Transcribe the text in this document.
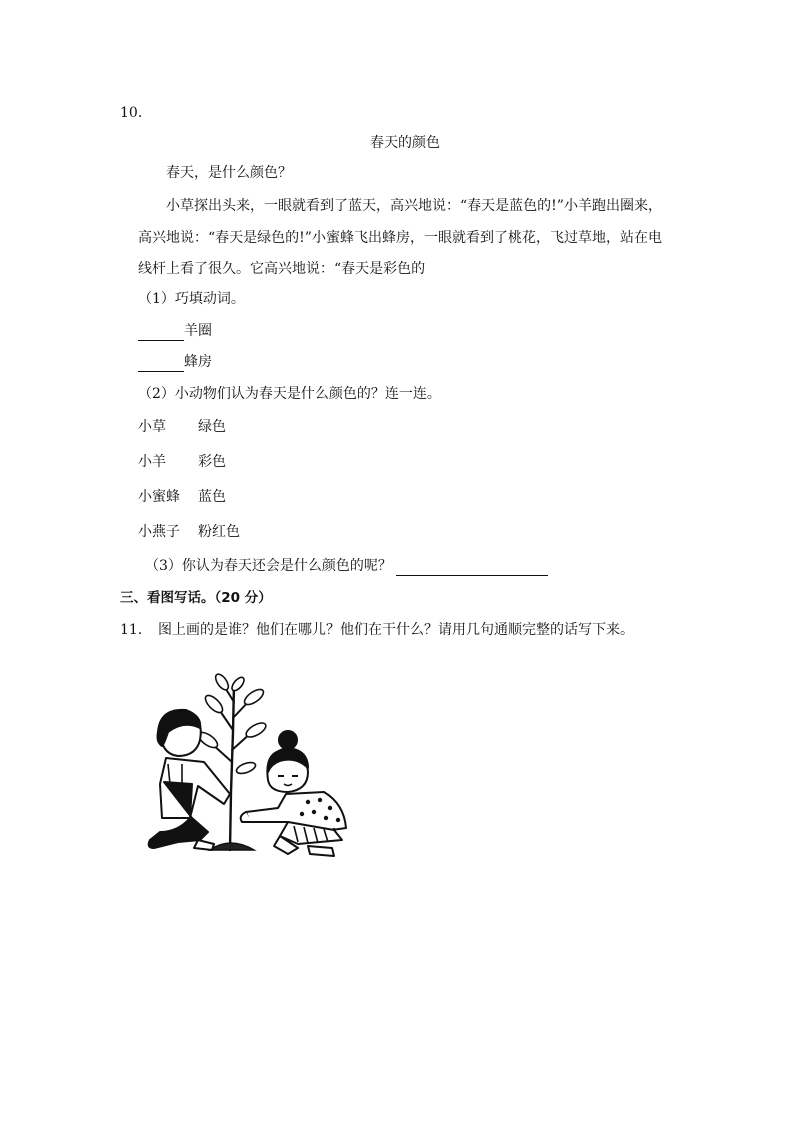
10．
春天的颜色
春天，是什么颜色？
小草探出头来，一眼就看到了蓝天，高兴地说：“春天是蓝色的!”小羊跑出圈来，
高兴地说：“春天是绿色的!”小蜜蜂飞出蜂房，一眼就看到了桃花，飞过草地，站在电
线杆上看了很久。它高兴地说：“春天是彩色的
（1）巧填动词。
羊圈
蜂房
（2）小动物们认为春天是什么颜色的？连一连。
小草 绿色
小羊 彩色
小蜜蜂 蓝色
小燕子 粉红色
（3）你认为春天还会是什么颜色的呢？
三、看图写话。（20 分）
11． 图上画的是谁？他们在哪儿？他们在干什么？请用几句通顺完整的话写下来。
